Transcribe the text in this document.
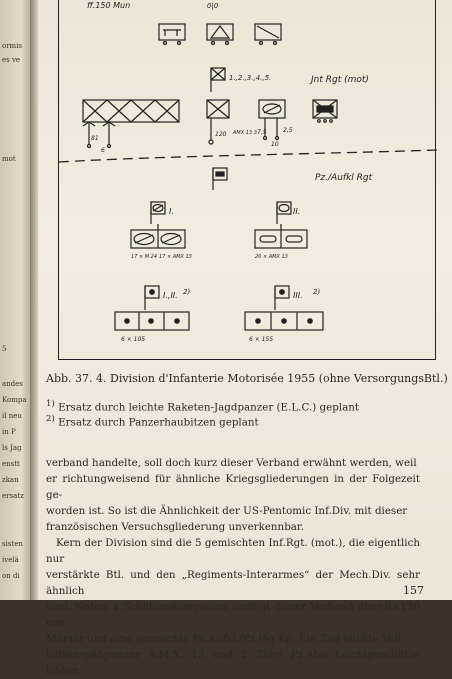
ormis
es ve
mot
5
andes
Kompa
il neu
in P
ls Jag
enstt
zkan
ersatz
sisten
ivelä
on di
ff.150 Mun	0|0
1.,2.,3.,4.,5.	Jnt Rgt (mot)
81
6
120 AMX 13 3 7,5
10
2,5
Pz./Aufkl Rgt
I.
17 × M 24 17 × AMX 13
II.
20 × AMX 13
I.,II. 2)
6 × 105
III. 2)
6 × 155
Abb. 37. 4. Division d'Infanterie Motorisée 1955 (ohne VersorgungsBtl.)
$^{1)}$ Ersatz durch leichte Raketen-Jagdpanzer (E.L.C.) geplant
$^{2)}$ Ersatz durch Panzerhaubitzen geplant

verband handelte, soll doch kurz dieser Verband erwähnt werden, weil

er richtungweisend für ähnliche Kriegsgliederungen in der Folgezeit ge-

worden ist. So ist die Ähnlichkeit der US-Pentomic Inf.Div. mit dieser

französischen Versuchsgliederung unverkennbar.

Kern der Division sind die 5 gemischten Inf.Rgt. (mot.), die eigentlich nur

verstärkte Btl. und den „Regiments-Interarmes“ der Mech.Div. sehr ähnlich

sind. Neben 4 Schützenkompanien verfügt dieser Verband über 6×120 mm

Mörser und eine gemischte Pz.Aufkl./Pz.Jäg.Kp. Ein Zug leichte Voll-

kettenspähpanzer A.M.X. 13 und 2 Züge Pz.Abw.-Leichtgeschütze bilden

157
